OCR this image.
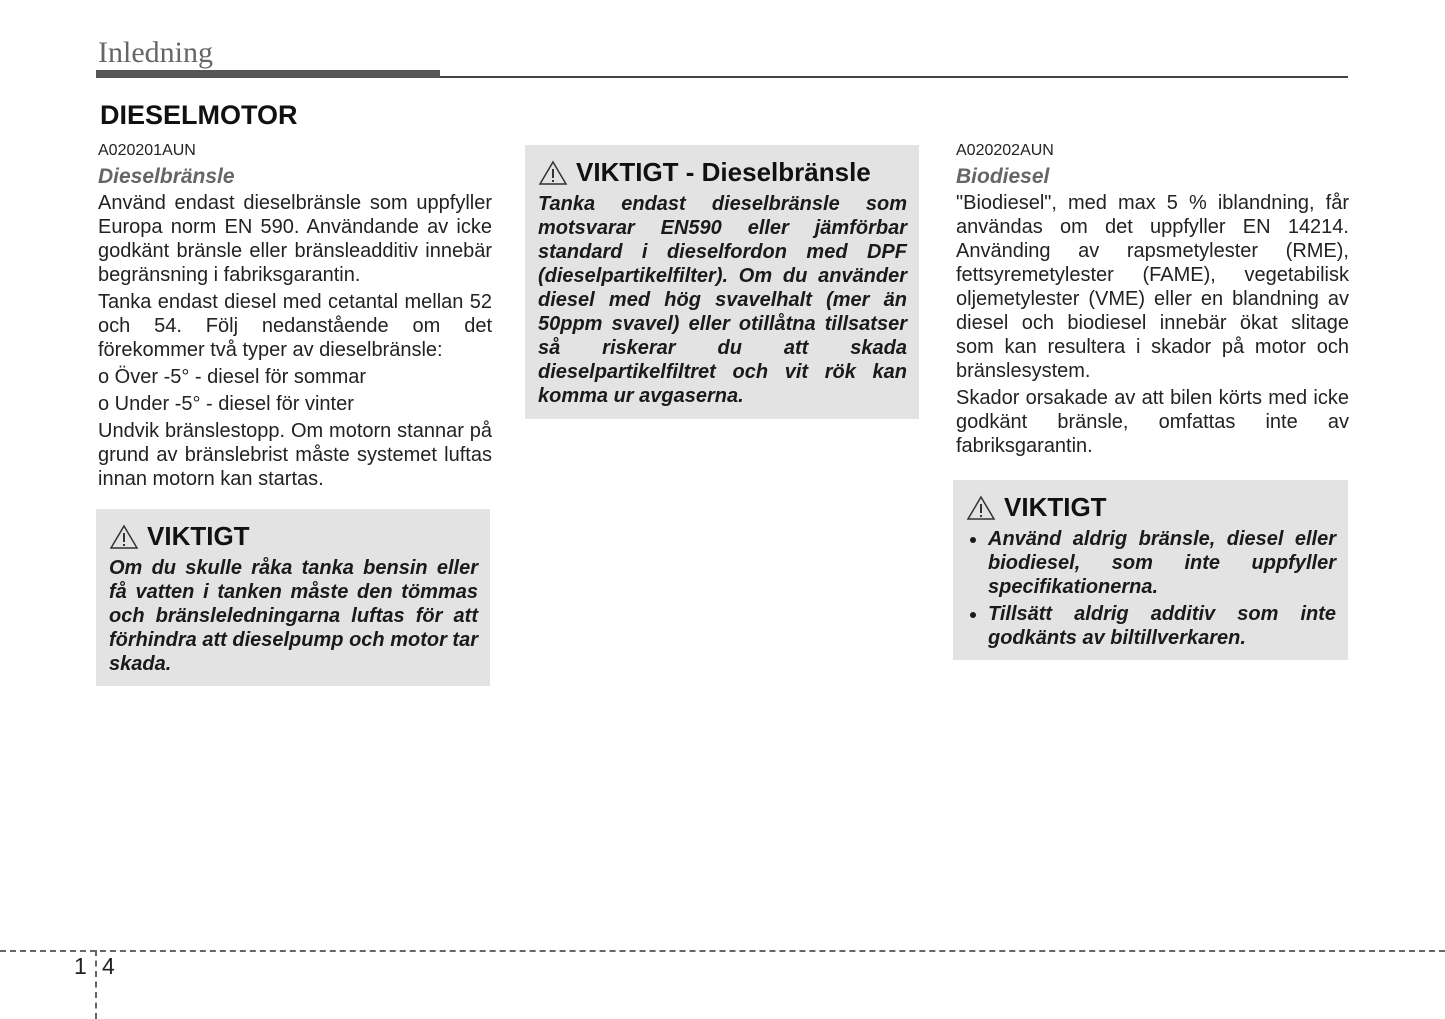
Inledning
DIESELMOTOR
A020201AUN
Dieselbränsle
Använd endast dieselbränsle som uppfyller Europa norm EN 590. Användande av icke godkänt bränsle eller bränsleadditiv innebär begränsning i fabriksgarantin.
Tanka endast diesel med cetantal mellan 52 och 54. Följ nedanstående om det förekommer två typer av dieselbränsle:
o Över -5° - diesel för sommar
o Under -5° - diesel för vinter
Undvik bränslestopp. Om motorn stannar på grund av bränslebrist måste systemet luftas innan motorn kan startas.
VIKTIGT
Om du skulle råka tanka bensin eller få vatten i tanken måste den tömmas och bränsleledningarna luftas för att förhindra att dieselpump och motor tar skada.
VIKTIGT - Dieselbränsle
Tanka endast dieselbränsle som motsvarar EN590 eller jämförbar standard i dieselfordon med DPF (dieselpartikelfilter). Om du använder diesel med hög svavelhalt (mer än 50ppm svavel) eller otillåtna tillsatser så riskerar du att skada dieselpartikelfiltret och vit rök kan komma ur avgaserna.
A020202AUN
Biodiesel
"Biodiesel", med max 5 % iblandning, får användas om det uppfyller EN 14214. Använding av rapsmetylester (RME), fettsyremetylester (FAME), vegetabilisk oljemetylester (VME) eller en blandning av diesel och biodiesel innebär ökat slitage som kan resultera i skador på motor och bränslesystem.
Skador orsakade av att bilen körts med icke godkänt bränsle, omfattas inte av fabriksgarantin.
VIKTIGT
• Använd aldrig bränsle, diesel eller biodiesel, som inte uppfyller specifikationerna.
• Tillsätt aldrig additiv som inte godkänts av biltillverkaren.
1 4
